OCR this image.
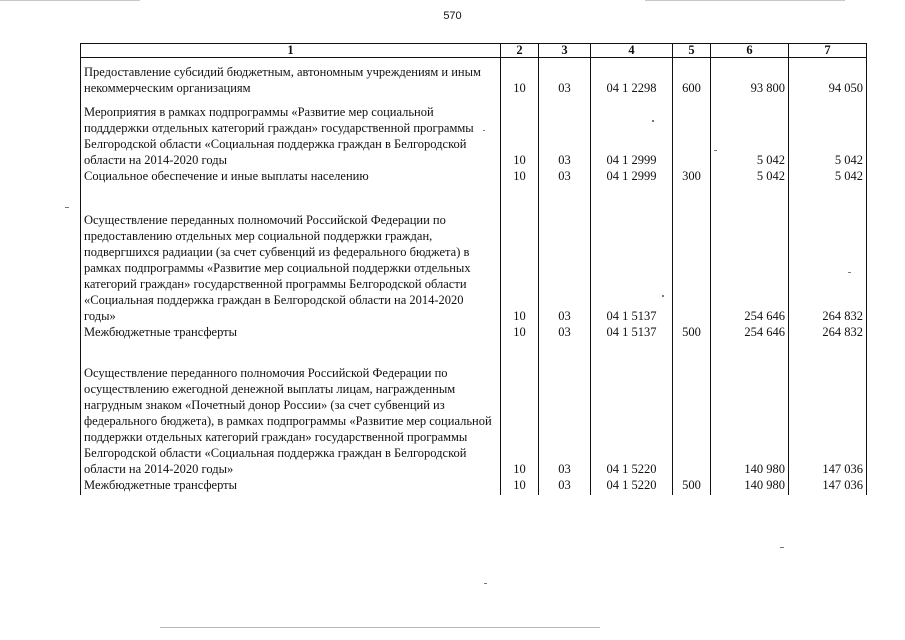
570
1	2	3	4	5	6	7
Предоставление субсидий бюджетным, автономным учреждениям и иным некоммерческим организациям	10	03	04 1 2298	600	93 800	94 050
Мероприятия в рамках подпрограммы «Развитие мер социальной подддержки отдельных категорий граждан» государственной программы Белгородской области «Социальная поддержка граждан в Белгородской области на 2014-2020 годы	10	03	04 1 2999		5 042	5 042
Социальное обеспечение и иные выплаты населению	10	03	04 1 2999	300	5 042	5 042
Осуществление переданных полномочий Российской Федерации по предоставлению отдельных мер социальной поддержки граждан, подвергшихся радиации (за счет субвенций из федерального бюджета) в рамках подпрограммы «Развитие мер социальной поддержки отдельных категорий граждан» государственной программы Белгородской области «Социальная поддержка граждан в Белгородской области на 2014-2020 годы»	10	03	04 1 5137		254 646	264 832
Межбюджетные трансферты	10	03	04 1 5137	500	254 646	264 832
Осуществление переданного полномочия Российской Федерации по осуществлению ежегодной денежной выплаты лицам, награжденным нагрудным знаком «Почетный донор России» (за счет субвенций из федерального бюджета), в рамках подпрограммы «Развитие мер социальной поддержки отдельных категорий граждан» государственной программы Белгородской области «Социальная поддержка граждан в Белгородской области на 2014-2020 годы»	10	03	04 1 5220		140 980	147 036
Межбюджетные трансферты	10	03	04 1 5220	500	140 980	147 036
